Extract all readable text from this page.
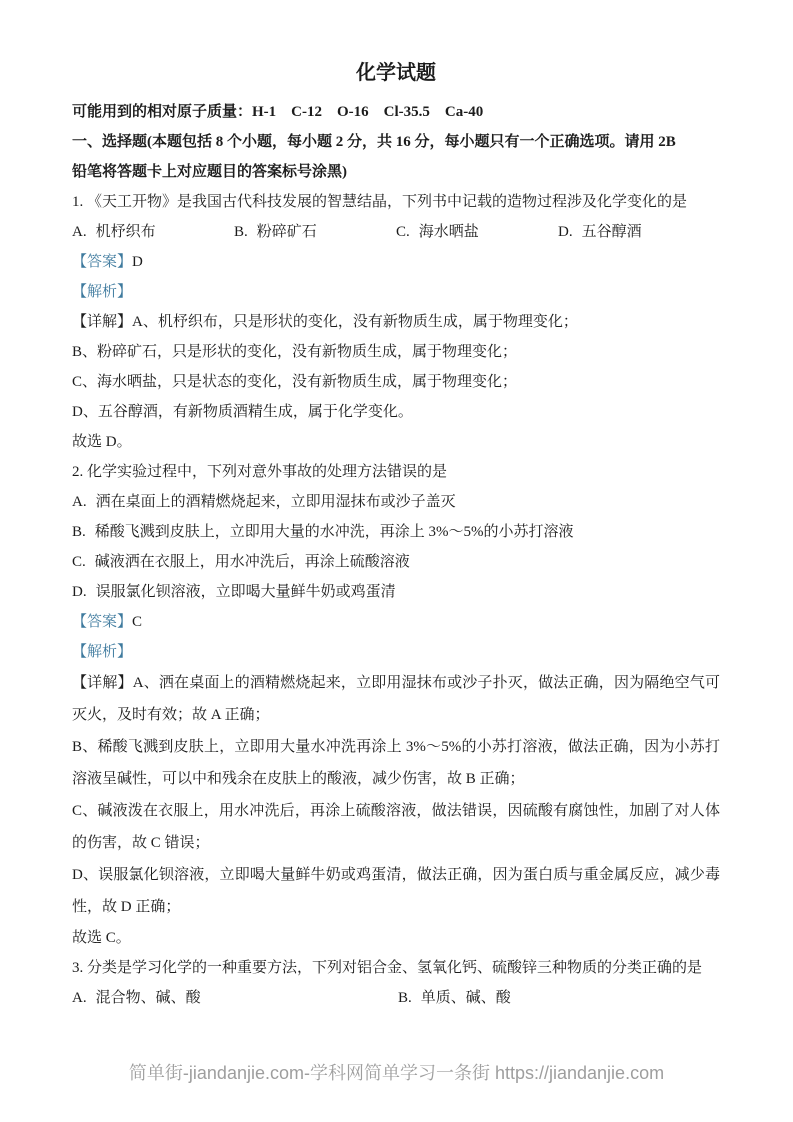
化学试题

可能用到的相对原子质量：H-1　C-12　O-16　Cl-35.5　Ca-40

一、选择题(本题包括 8 个小题，每小题 2 分，共 16 分，每小题只有一个正确选项。请用 2B

铅笔将答题卡上对应题目的答案标号涂黑)

1. 《天工开物》是我国古代科技发展的智慧结晶，下列书中记载的造物过程涉及化学变化的是

A. 机杼织布	B. 粉碎矿石	C. 海水晒盐	D. 五谷醇酒

【答案】D

【解析】

【详解】A、机杼织布，只是形状的变化，没有新物质生成，属于物理变化；

B、粉碎矿石，只是形状的变化，没有新物质生成，属于物理变化；

C、海水晒盐，只是状态的变化，没有新物质生成，属于物理变化；

D、五谷醇酒，有新物质酒精生成，属于化学变化。

故选 D。

2. 化学实验过程中，下列对意外事故的处理方法错误的是

A. 洒在桌面上的酒精燃烧起来，立即用湿抹布或沙子盖灭

B. 稀酸飞溅到皮肤上，立即用大量的水冲洗，再涂上 3%～5%的小苏打溶液

C. 碱液洒在衣服上，用水冲洗后，再涂上硫酸溶液

D. 误服氯化钡溶液，立即喝大量鲜牛奶或鸡蛋清

【答案】C

【解析】

【详解】A、洒在桌面上的酒精燃烧起来，立即用湿抹布或沙子扑灭，做法正确，因为隔绝空气可灭火，及时有效；故 A 正确；

B、稀酸飞溅到皮肤上，立即用大量水冲洗再涂上 3%～5%的小苏打溶液，做法正确，因为小苏打溶液呈碱性，可以中和残余在皮肤上的酸液，减少伤害，故 B 正确；

C、碱液泼在衣服上，用水冲洗后，再涂上硫酸溶液，做法错误，因硫酸有腐蚀性，加剧了对人体的伤害，故 C 错误；

D、误服氯化钡溶液，立即喝大量鲜牛奶或鸡蛋清，做法正确，因为蛋白质与重金属反应，减少毒性，故 D 正确；

故选 C。

3. 分类是学习化学的一种重要方法，下列对铝合金、氢氧化钙、硫酸锌三种物质的分类正确的是

A. 混合物、碱、酸	B. 单质、碱、酸
简单街-jiandanjie.com-学科网简单学习一条街 https://jiandanjie.com
